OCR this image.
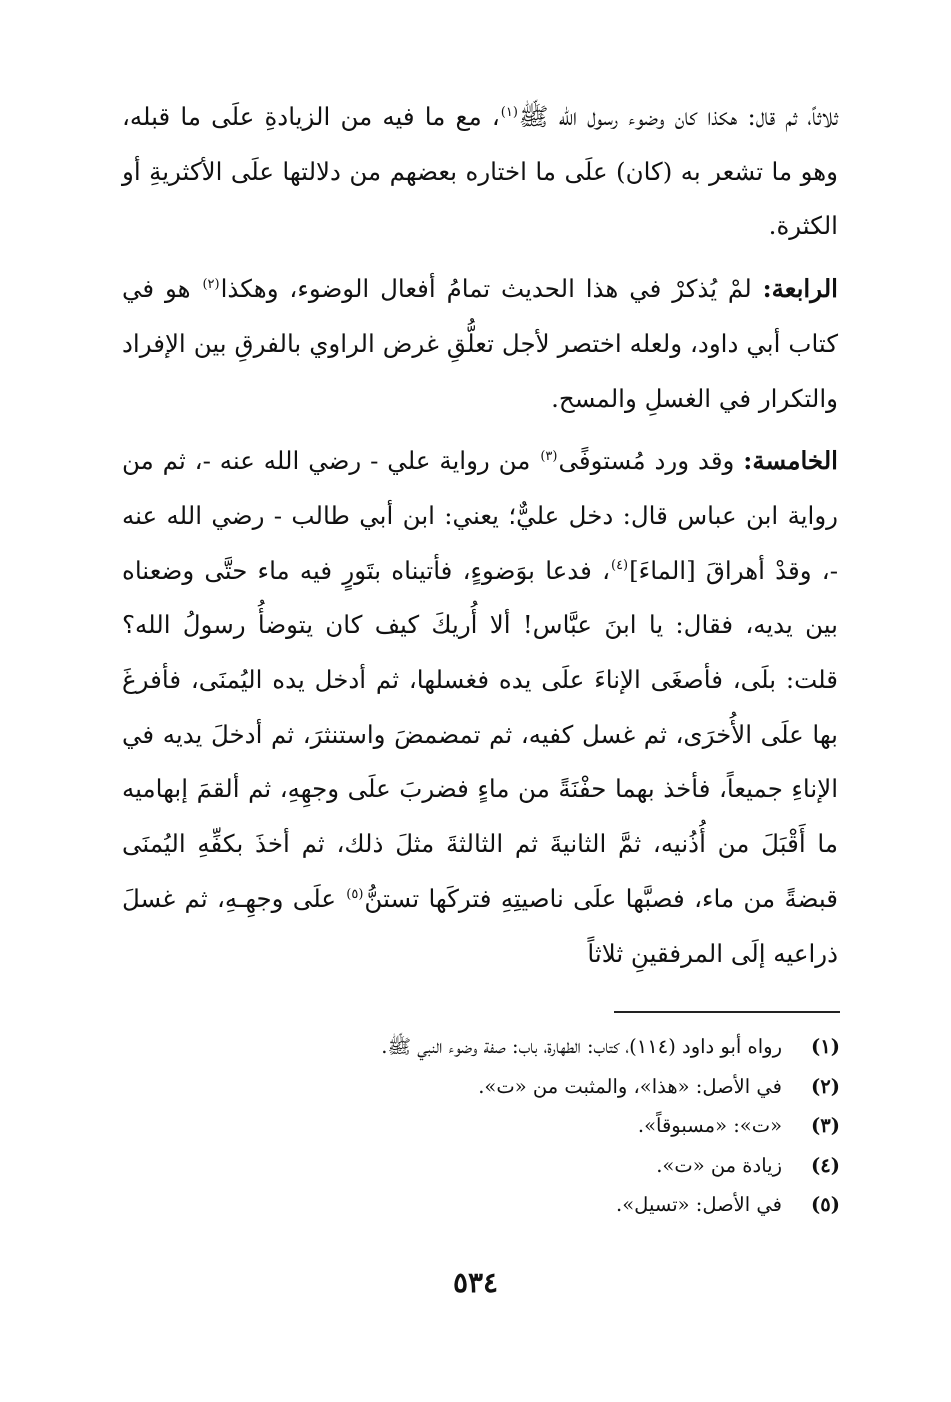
ثلاثاً، ثم قال: هكذا كان وضوء رسول الله ﷺ$^{(١)}$، مع ما فيه من الزيادةِ علَى ما قبله، وهو ما تشعر به (كان) علَى ما اختاره بعضهم من دلالتها علَى الأكثريةِ أو الكثرة.

الرابعة: لمْ يُذكرْ في هذا الحديث تمامُ أفعال الوضوء، وهكذا$^{(٢)}$ هو في كتاب أبي داود، ولعله اختصر لأجل تعلُّقِ غرض الراوي بالفرقِ بين الإفراد والتكرار في الغسلِ والمسح.

الخامسة: وقد ورد مُستوفًى$^{(٣)}$ من رواية علي - رضي الله عنه -، ثم من رواية ابن عباس قال: دخل عليٌّ؛ يعني: ابن أبي طالب - رضي الله عنه -، وقدْ أهراقَ [الماءَ]$^{(٤)}$، فدعا بوَضوءٍ، فأتيناه بتَورٍ فيه ماء حتَّى وضعناه بين يديه، فقال: يا ابنَ عبَّاس! ألا أُريكَ كيف كان يتوضأُ رسولُ الله؟ قلت: بلَى، فأصغَى الإناءَ علَى يده فغسلها، ثم أدخل يده اليُمنَى، فأفرغَ بها علَى الأُخرَى، ثم غسل كفيه، ثم تمضمضَ واستنثرَ، ثم أدخلَ يديه في الإناءِ جميعاً، فأخذ بهما حفْنَةً من ماءٍ فضربَ علَى وجهِهِ، ثم ألقمَ إبهاميه ما أَقْبَلَ من أُذُنيه، ثمَّ الثانيةَ ثم الثالثةَ مثلَ ذلك، ثم أخذَ بكفِّهِ اليُمنَى قبضةً من ماء، فصبَّها علَى ناصيتِهِ فتركَها تستنُّ$^{(٥)}$ علَى وجهِـهِ، ثم غسلَ ذراعيه إلَى المرفقينِ ثلاثاً

(١)
رواه أبو داود (١١٤)، كتاب: الطهارة، باب: صفة وضوء النبي ﷺ.
(٢)
في الأصل: «هذا»، والمثبت من «ت».
(٣)
«ت»: «مسبوقاً».
(٤)
زيادة من «ت».
(٥)
في الأصل: «تسيل».
٥٣٤
